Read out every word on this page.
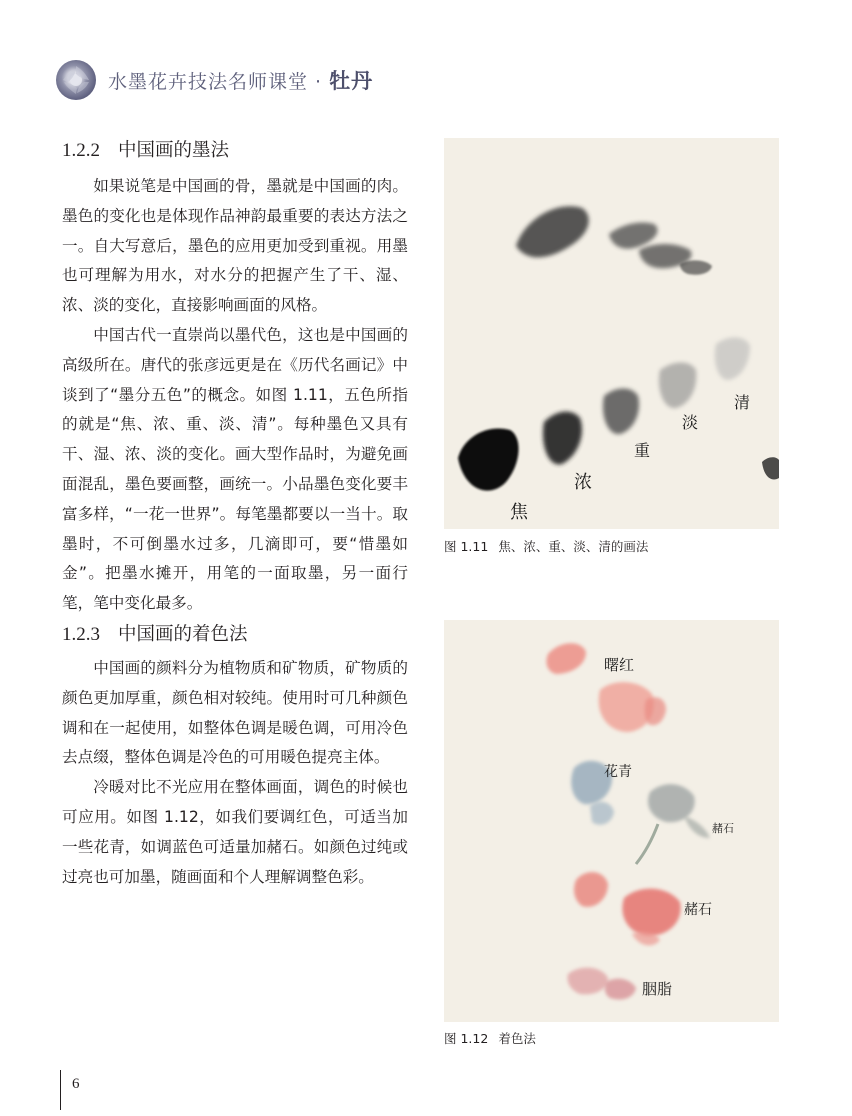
水墨花卉技法名师课堂 · 牡丹
1.2.2 中国画的墨法

如果说笔是中国画的骨，墨就是中国画的肉。墨色的变化也是体现作品神韵最重要的表达方法之一。自大写意后，墨色的应用更加受到重视。用墨也可理解为用水，对水分的把握产生了干、湿、浓、淡的变化，直接影响画面的风格。

中国古代一直崇尚以墨代色，这也是中国画的高级所在。唐代的张彦远更是在《历代名画记》中谈到了“墨分五色”的概念。如图 1.11，五色所指的就是“焦、浓、重、淡、清”。每种墨色又具有干、湿、浓、淡的变化。画大型作品时，为避免画面混乱，墨色要画整，画统一。小品墨色变化要丰富多样，“一花一世界”。每笔墨都要以一当十。取墨时，不可倒墨水过多，几滴即可，要“惜墨如金”。把墨水摊开，用笔的一面取墨，另一面行笔，笔中变化最多。

焦
浓
重
淡
清
图 1.11 焦、浓、重、淡、清的画法
1.2.3 中国画的着色法

中国画的颜料分为植物质和矿物质，矿物质的颜色更加厚重，颜色相对较纯。使用时可几种颜色调和在一起使用，如整体色调是暖色调，可用冷色去点缀，整体色调是冷色的可用暖色提亮主体。

冷暖对比不光应用在整体画面，调色的时候也可应用。如图 1.12，如我们要调红色，可适当加一些花青，如调蓝色可适量加赭石。如颜色过纯或过亮也可加墨，随画面和个人理解调整色彩。

曙红
花青
赭石
赭石
胭脂
图 1.12 着色法
6
